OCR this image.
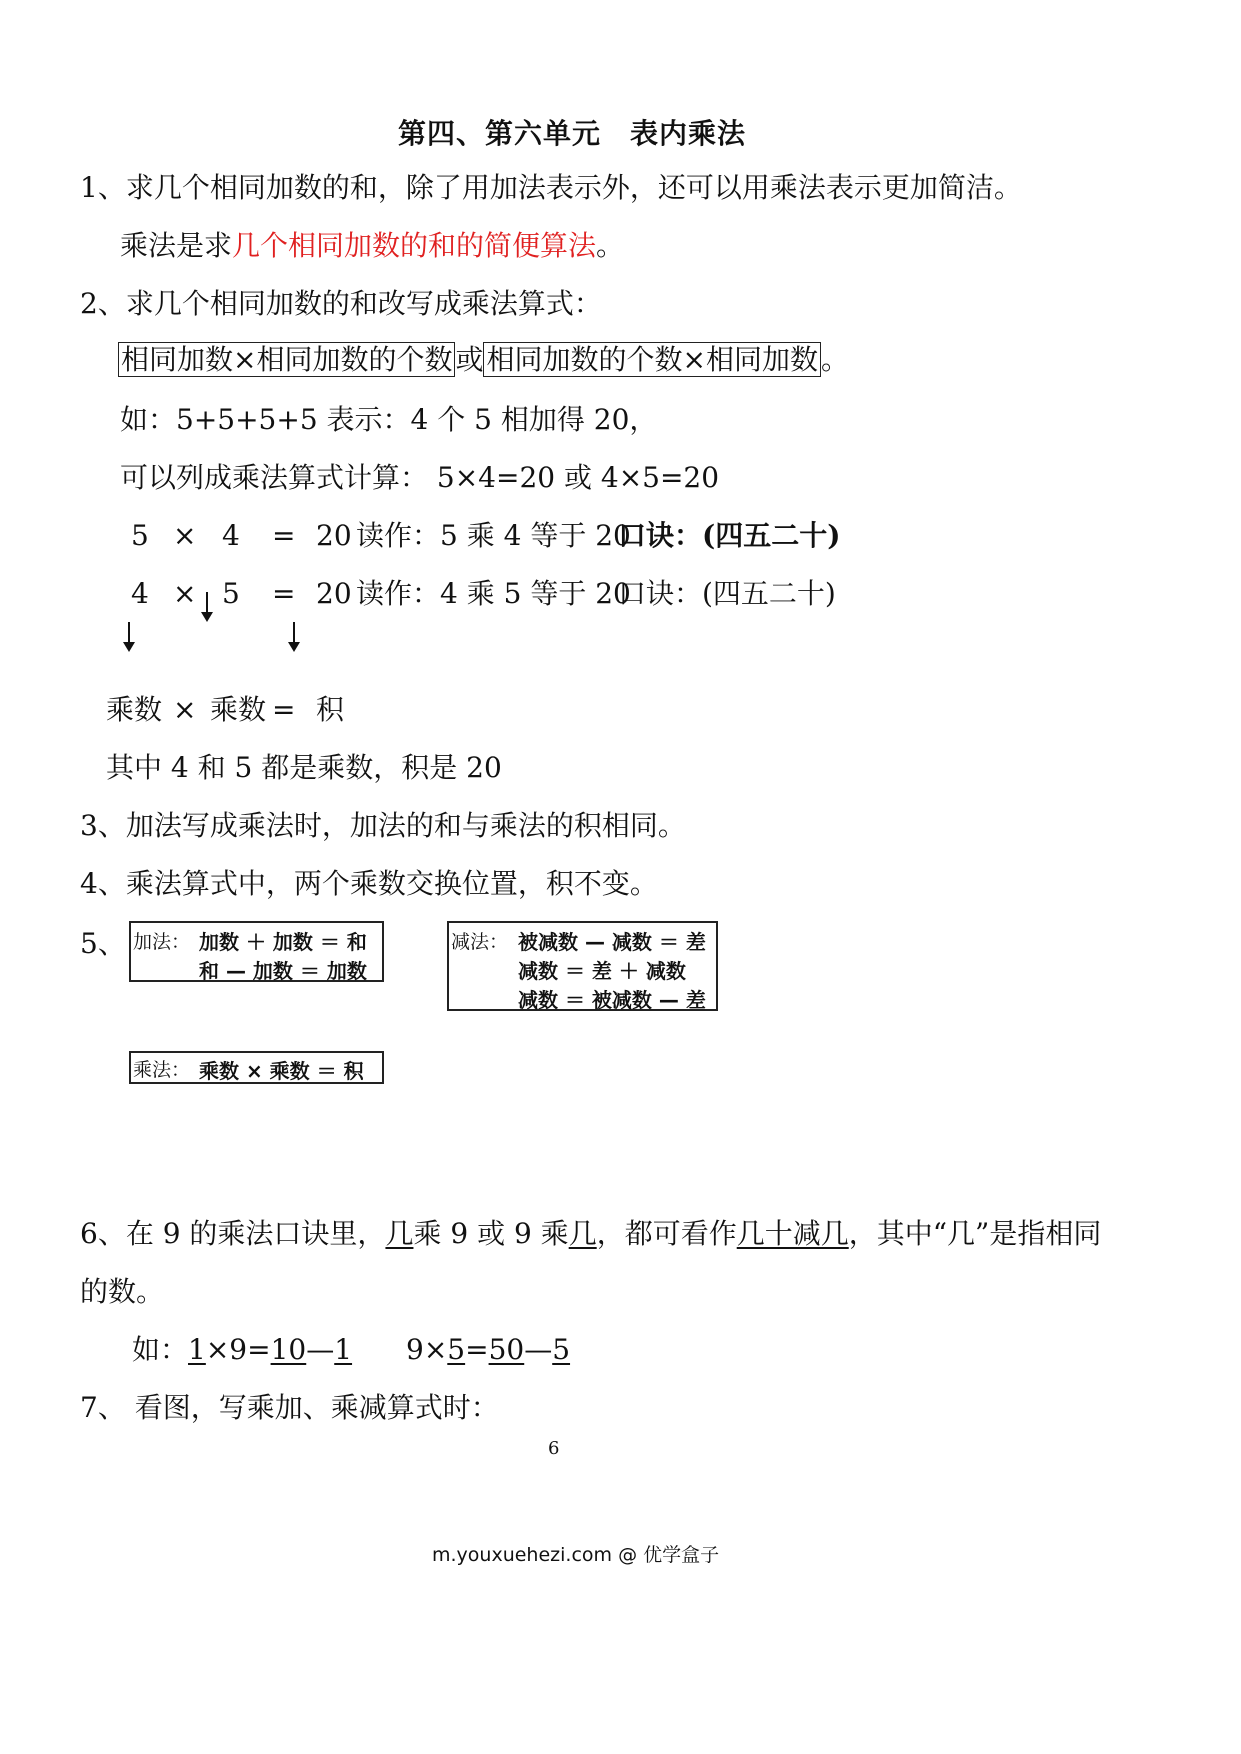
第四、第六单元　表内乘法
1、求几个相同加数的和，除了用加法表示外，还可以用乘法表示更加简洁。
乘法是求几个相同加数的和的简便算法。
2、求几个相同加数的和改写成乘法算式：
相同加数×相同加数的个数 或 相同加数的个数×相同加数 。
如：5+5+5+5 表示：4 个 5 相加得 20，
可以列成乘法算式计算： 5×4=20 或 4×5=20
5 × 4 = 20 读作：5 乘 4 等于 20
口诀：(四五二十)
4 × 5 = 20 读作：4 乘 5 等于 20
口诀：(四五二十)
乘数 × 乘数 = 积
其中 4 和 5 都是乘数，积是 20
3、加法写成乘法时，加法的和与乘法的积相同。
4、乘法算式中，两个乘数交换位置，积不变。
5、 加法： 加数 ＋ 加数 ＝ 和
和 — 加数 ＝ 加数
减法： 被减数 — 减数 ＝ 差
减数 ＝ 差 ＋ 减数
减数 ＝ 被减数 — 差
乘法： 乘数 × 乘数 ＝ 积
6、在 9 的乘法口诀里，几乘 9 或 9 乘几，都可看作几十减几，其中“几”是指相同
的数。
如：1×9=10—1 9×5=50—5
7、 看图，写乘加、乘减算式时：
6
m.youxuehezi.com @ 优学盒子
